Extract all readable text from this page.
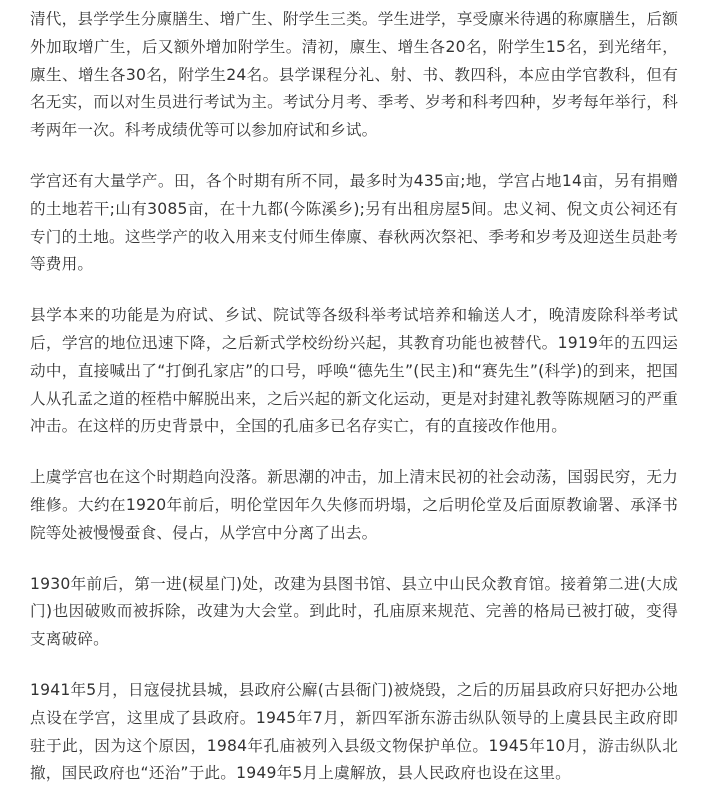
清代，县学学生分廪膳生、增广生、附学生三类。学生进学，享受廪米待遇的称廪膳生，后额外加取增广生，后又额外增加附学生。清初，廪生、增生各20名，附学生15名，到光绪年，廪生、增生各30名，附学生24名。县学课程分礼、射、书、教四科，本应由学官教科，但有名无实，而以对生员进行考试为主。考试分月考、季考、岁考和科考四种，岁考每年举行，科考两年一次。科考成绩优等可以参加府试和乡试。

学宫还有大量学产。田，各个时期有所不同，最多时为435亩;地，学宫占地14亩，另有捐赠的土地若干;山有3085亩，在十九都(今陈溪乡);另有出租房屋5间。忠义祠、倪文贞公祠还有专门的土地。这些学产的收入用来支付师生俸廪、春秋两次祭祀、季考和岁考及迎送生员赴考等费用。

县学本来的功能是为府试、乡试、院试等各级科举考试培养和输送人才，晚清废除科举考试后，学宫的地位迅速下降，之后新式学校纷纷兴起，其教育功能也被替代。1919年的五四运动中，直接喊出了“打倒孔家店”的口号，呼唤“德先生”(民主)和“赛先生”(科学)的到来，把国人从孔孟之道的桎梏中解脱出来，之后兴起的新文化运动，更是对封建礼教等陈规陋习的严重冲击。在这样的历史背景中，全国的孔庙多已名存实亡，有的直接改作他用。

上虞学宫也在这个时期趋向没落。新思潮的冲击，加上清末民初的社会动荡，国弱民穷，无力维修。大约在1920年前后，明伦堂因年久失修而坍塌，之后明伦堂及后面原教谕署、承泽书院等处被慢慢蚕食、侵占，从学宫中分离了出去。

1930年前后，第一进(棂星门)处，改建为县图书馆、县立中山民众教育馆。接着第二进(大成门)也因破败而被拆除，改建为大会堂。到此时，孔庙原来规范、完善的格局已被打破，变得支离破碎。

1941年5月，日寇侵扰县城，县政府公廨(古县衙门)被烧毁，之后的历届县政府只好把办公地点设在学宫，这里成了县政府。1945年7月，新四军浙东游击纵队领导的上虞县民主政府即驻于此，因为这个原因，1984年孔庙被列入县级文物保护单位。1945年10月，游击纵队北撤，国民政府也“还治”于此。1949年5月上虞解放，县人民政府也设在这里。
